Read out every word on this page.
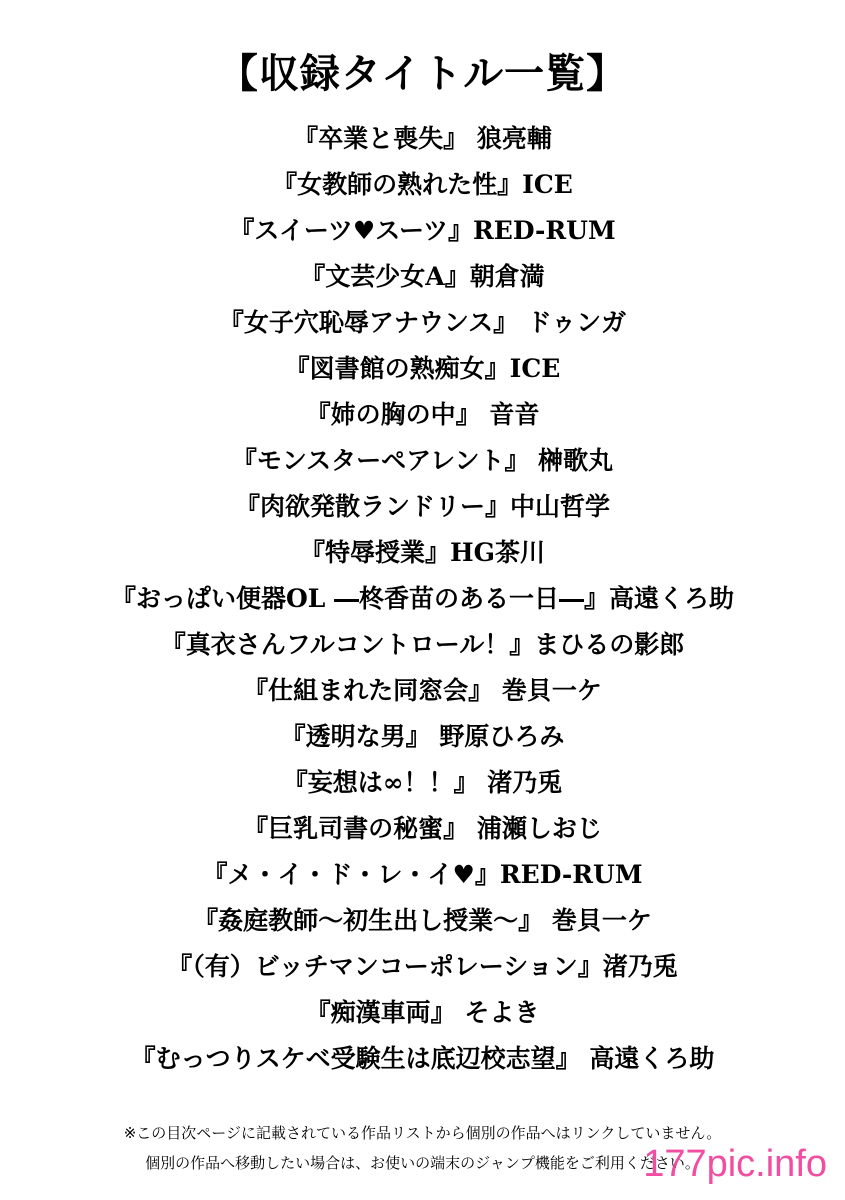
【収録タイトル一覧】
『卒業と喪失』 狼亮輔
『女教師の熟れた性』ICE
『スイーツ♥スーツ』RED-RUM
『文芸少女A』朝倉満
『女子穴恥辱アナウンス』 ドゥンガ
『図書館の熟痴女』ICE
『姉の胸の中』 音音
『モンスターペアレント』 榊歌丸
『肉欲発散ランドリー』中山哲学
『特辱授業』HG茶川
『おっぱい便器OL ―柊香苗のある一日―』高遠くろ助
『真衣さんフルコントロール！』まひるの影郎
『仕組まれた同窓会』 巻貝一ケ
『透明な男』 野原ひろみ
『妄想は∞！！』 渚乃兎
『巨乳司書の秘蜜』 浦瀬しおじ
『メ・イ・ド・レ・イ♥』RED-RUM
『姦庭教師～初生出し授業～』 巻貝一ケ
『（有）ビッチマンコーポレーション』渚乃兎
『痴漢車両』 そよき
『むっつりスケベ受験生は底辺校志望』 高遠くろ助
※この目次ページに記載されている作品リストから個別の作品へはリンクしていません。
個別の作品へ移動したい場合は、お使いの端末のジャンプ機能をご利用ください。
177pic.info
